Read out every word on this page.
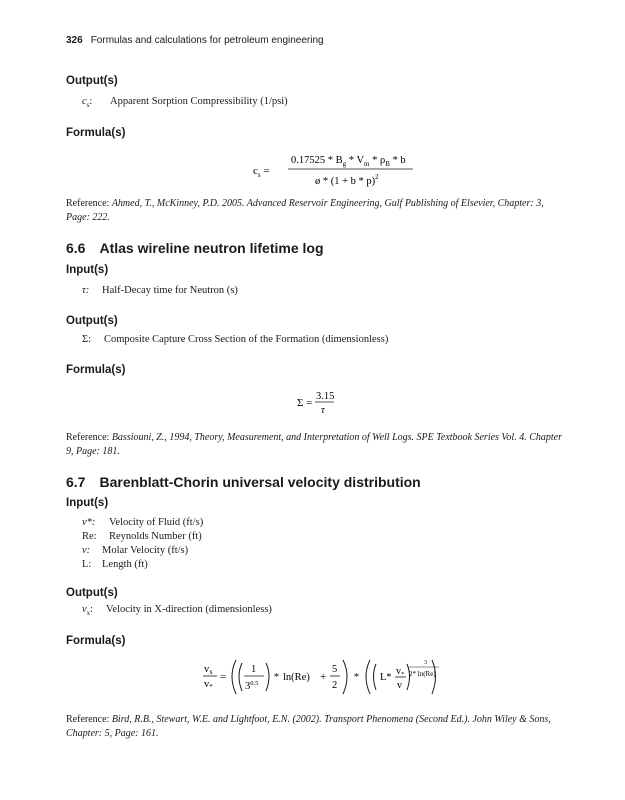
326 Formulas and calculations for petroleum engineering
Output(s)
$c_s$: Apparent Sorption Compressibility (1/psi)
Formula(s)
$c_s$ =
$0.17525 * B_g * V_m * \rho_B$ * b
ø * $(1 + b * p)^2$
Reference: Ahmed, T., McKinney, P.D. 2005. Advanced Reservoir Engineering, Gulf Publishing of Elsevier, Chapter: 3, Page: 222.
6.6 Atlas wireline neutron lifetime log
Input(s)
τ: Half-Decay time for Neutron (s)
Output(s)
Σ: Composite Capture Cross Section of the Formation (dimensionless)
Formula(s)
Σ =
3.15
τ
Reference: Bassiouni, Z., 1994, Theory, Measurement, and Interpretation of Well Logs. SPE Textbook Series Vol. 4. Chapter 9, Page: 181.
6.7 Barenblatt-Chorin universal velocity distribution
Input(s)
v*: Velocity of Fluid (ft/s)
Re: Reynolds Number (ft)
v: Molar Velocity (ft/s)
L: Length (ft)
Output(s)
$v_x$: Velocity in X-direction (dimensionless)
Formula(s)
vx
v*
=
1
$3^{0.5}$
* ln(Re) +
5
2
* L*
$v_*$
v
3
2* ln(Re)
Reference: Bird, R.B., Stewart, W.E. and Lightfoot, E.N. (2002). Transport Phenomena (Second Ed.). John Wiley & Sons, Chapter: 5, Page: 161.
